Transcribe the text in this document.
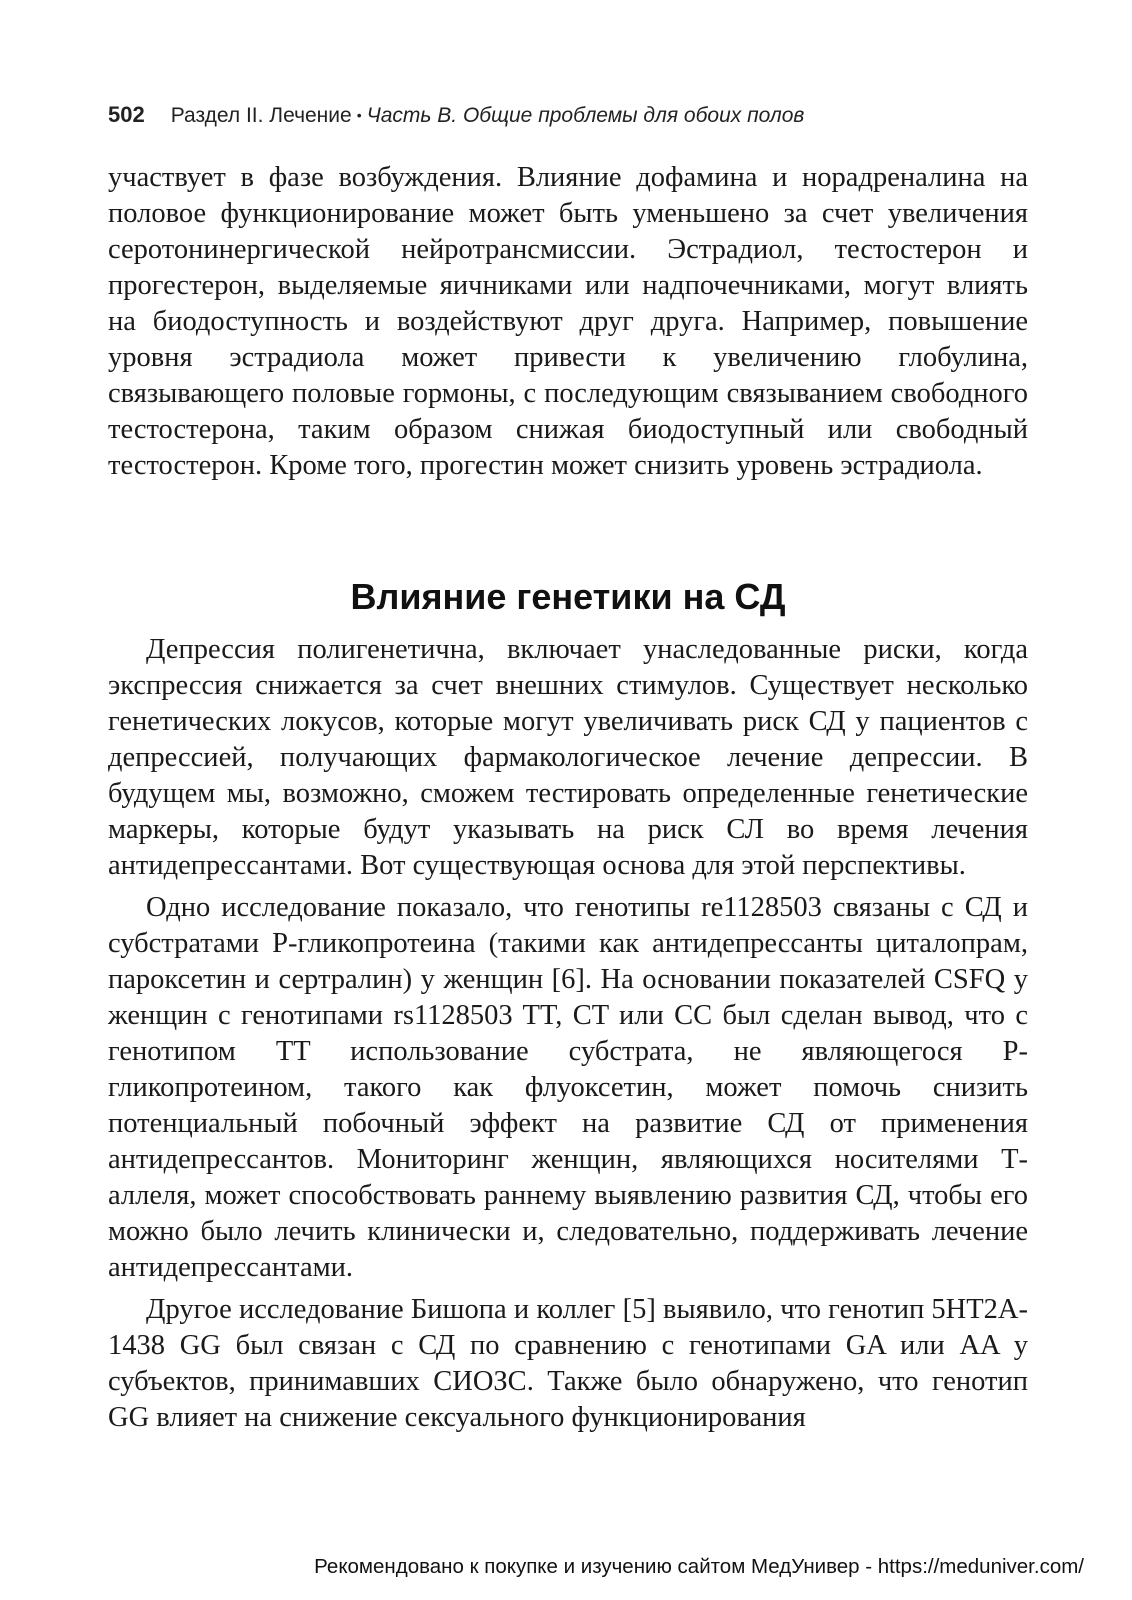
502 Раздел II. Лечение • Часть В. Общие проблемы для обоих полов

участвует в фазе возбуждения. Влияние дофамина и норадреналина на половое функционирование может быть уменьшено за счет увеличения серотонинергической нейротрансмиссии. Эстрадиол, тестостерон и прогестерон, выделяемые яичниками или надпочечниками, могут влиять на биодоступность и воздействуют друг друга. Например, повышение уровня эстрадиола может привести к увеличению глобулина, связывающего половые гормоны, с последующим связыванием свободного тестостерона, таким образом снижая биодоступный или свободный тестостерон. Кроме того, прогестин может снизить уровень эстрадиола.

Влияние генетики на СД

Депрессия полигенетична, включает унаследованные риски, когда экспрессия снижается за счет внешних стимулов. Существует несколько генетических локусов, которые могут увеличивать риск СД у пациентов с депрессией, получающих фармакологическое лечение депрессии. В будущем мы, возможно, сможем тестировать определенные генетические маркеры, которые будут указывать на риск СЛ во время лечения антидепрессантами. Вот существующая основа для этой перспективы.

Одно исследование показало, что генотипы re1128503 связаны с СД и субстратами Р-гликопротеина (такими как антидепрессанты циталопрам, пароксетин и сертралин) у женщин [6]. На основании показателей CSFQ у женщин с генотипами rs1128503 TT, CT или CC был сделан вывод, что с генотипом TT использование субстрата, не являющегося Р-гликопротеином, такого как флуоксетин, может помочь снизить потенциальный побочный эффект на развитие СД от применения антидепрессантов. Мониторинг женщин, являющихся носителями Т-аллеля, может способствовать раннему выявлению развития СД, чтобы его можно было лечить клинически и, следовательно, поддерживать лечение антидепрессантами.

Другое исследование Бишопа и коллег [5] выявило, что генотип 5HT2A-1438 GG был связан с СД по сравнению с генотипами GA или AA у субъектов, принимавших СИОЗС. Также было обнаружено, что генотип GG влияет на снижение сексуального функционирования

Рекомендовано к покупке и изучению сайтом МедУнивер - https://meduniver.com/
